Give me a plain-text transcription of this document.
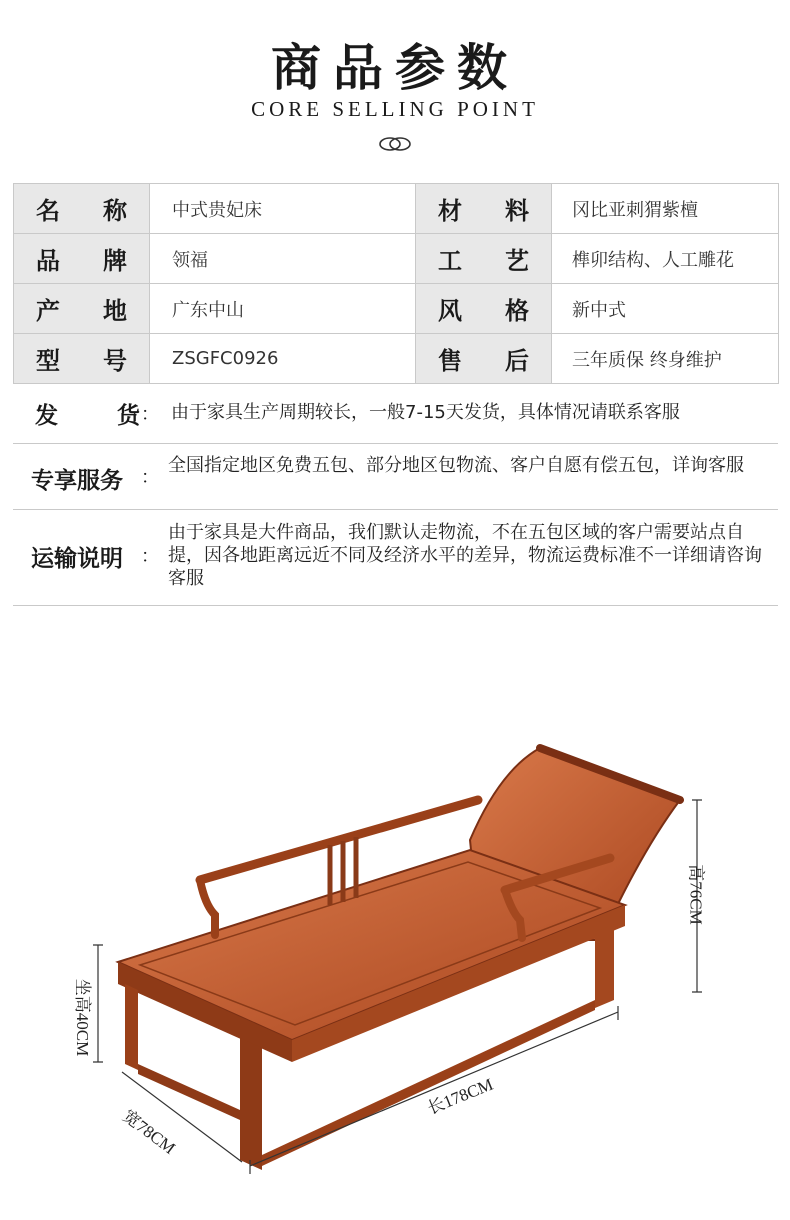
商品参数
CORE SELLING POINT
名 称	中式贵妃床	材 料	冈比亚刺猬紫檀

品 牌	领福	工 艺	榫卯结构、人工雕花

产 地	广东中山	风 格	新中式

型 号	ZSGFC0926	售 后	三年质保 终身维护
发	货 ： 由于家具生产周期较长，一般7-15天发货，具体情况请联系客服
专享服务 ：
全国指定地区免费五包、部分地区包物流、客户自愿有偿五包，详询客服
运输说明 ：
由于家具是大件商品，我们默认走物流，不在五包区域的客户需要站点自提，因各地距离远近不同及经济水平的差异，物流运费标准不一详细请咨询客服
高76CM
坐高40CM
长178CM
宽78CM
